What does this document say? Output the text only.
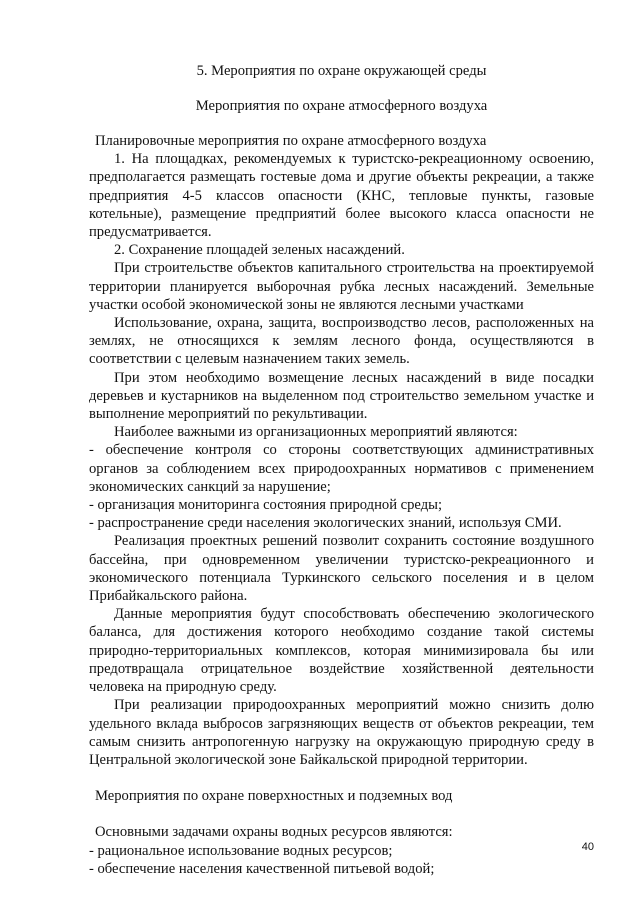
5. Мероприятия по охране окружающей среды
Мероприятия по охране атмосферного воздуха

Планировочные мероприятия по охране атмосферного воздуха

1. На площадках, рекомендуемых к туристско-рекреационному освоению, предполагается размещать гостевые дома и другие объекты рекреации, а также предприятия 4-5 классов опасности (КНС, тепловые пункты, газовые котельные), размещение предприятий более высокого класса опасности не предусматривается.

2. Сохранение площадей зеленых насаждений.

При строительстве объектов капитального строительства на проектируемой территории планируется выборочная рубка лесных насаждений. Земельные участки особой экономической зоны не являются лесными участками

Использование, охрана, защита, воспроизводство лесов, расположенных на землях, не относящихся к землям лесного фонда, осуществляются в соответствии с целевым назначением таких земель.

При этом необходимо возмещение лесных насаждений в виде посадки деревьев и кустарников на выделенном под строительство земельном участке и выполнение мероприятий по рекультивации.

Наиболее важными из организационных мероприятий являются:

- обеспечение контроля со стороны соответствующих административных органов за соблюдением всех природоохранных нормативов с применением экономических санкций за нарушение;

- организация мониторинга состояния природной среды;

- распространение среди населения экологических знаний, используя СМИ.

Реализация проектных решений позволит сохранить состояние воздушного бассейна, при одновременном увеличении туристско-рекреационного и экономического потенциала Туркинского сельского поселения и в целом Прибайкальского района.

Данные мероприятия будут способствовать обеспечению экологического баланса, для достижения которого необходимо создание такой системы природно-территориальных комплексов, которая минимизировала бы или предотвращала отрицательное воздействие хозяйственной деятельности человека на природную среду.

При реализации природоохранных мероприятий можно снизить долю удельного вклада выбросов загрязняющих веществ от объектов рекреации, тем самым снизить антропогенную нагрузку на окружающую природную среду в Центральной экологической зоне Байкальской природной территории.

Мероприятия по охране поверхностных и подземных вод

Основными задачами охраны водных ресурсов являются:

- рациональное использование водных ресурсов;

- обеспечение населения качественной питьевой водой;

40
